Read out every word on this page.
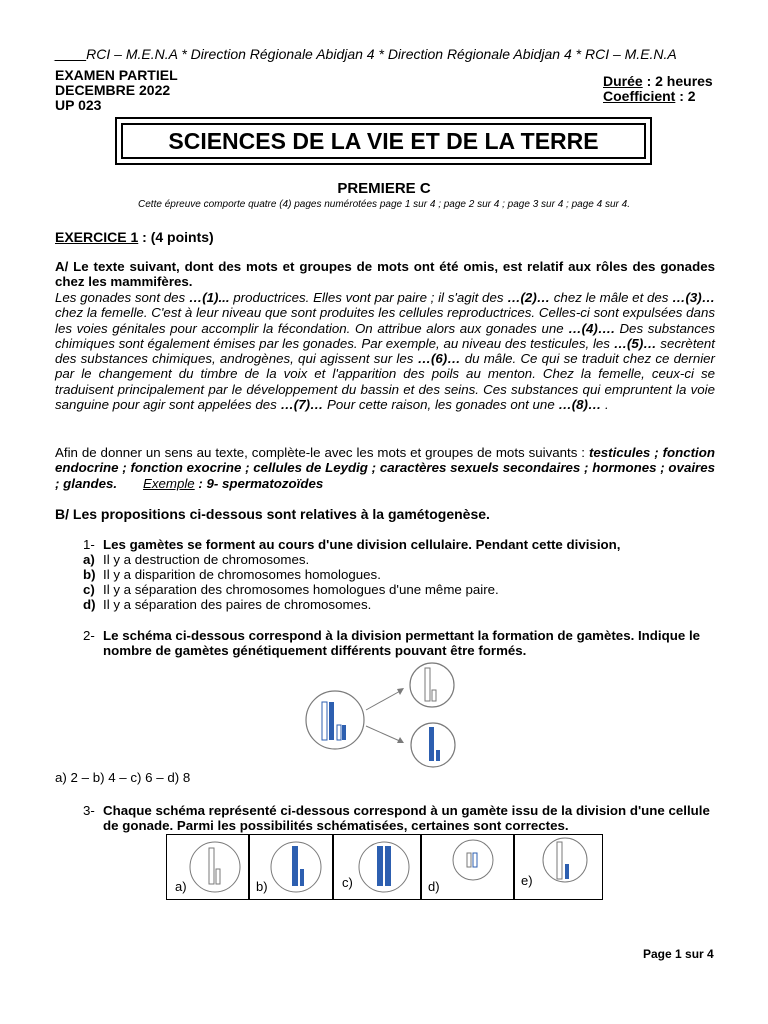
____RCI – M.E.N.A * Direction Régionale Abidjan 4 * Direction Régionale Abidjan 4 * RCI – M.E.N.A
EXAMEN PARTIEL
DECEMBRE 2022
UP 023
Durée : 2 heures
Coefficient : 2
SCIENCES DE LA VIE ET DE LA TERRE
PREMIERE C
Cette épreuve comporte quatre (4) pages numérotées page 1 sur 4 ; page 2 sur 4 ; page 3 sur 4 ; page 4 sur 4.
EXERCICE 1 : (4 points)
A/ Le texte suivant, dont des mots et groupes de mots ont été omis, est relatif aux rôles des gonades chez les mammifères.
Les gonades sont des …(1)... productrices. Elles vont par paire ; il s'agit des …(2)… chez le mâle et des …(3)… chez la femelle. C'est à leur niveau que sont produites les cellules reproductrices. Celles-ci sont expulsées dans les voies génitales pour accomplir la fécondation. On attribue alors aux gonades une …(4)…. Des substances chimiques sont également émises par les gonades. Par exemple, au niveau des testicules, les …(5)… secrètent des substances chimiques, androgènes, qui agissent sur les …(6)… du mâle. Ce qui se traduit chez ce dernier par le changement du timbre de la voix et l'apparition des poils au menton. Chez la femelle, ceux-ci se traduisent principalement par le développement du bassin et des seins. Ces substances qui empruntent la voie sanguine pour agir sont appelées des …(7)… Pour cette raison, les gonades ont une …(8)… .
Afin de donner un sens au texte, complète-le avec les mots et groupes de mots suivants : testicules ; fonction endocrine ; fonction exocrine ; cellules de Leydig ; caractères sexuels secondaires ; hormones ; ovaires ; glandes. Exemple : 9- spermatozoïdes
B/ Les propositions ci-dessous sont relatives à la gamétogenèse.
1- Les gamètes se forment au cours d'une division cellulaire. Pendant cette division,
a) Il y a destruction de chromosomes.
b) Il y a disparition de chromosomes homologues.
c) Il y a séparation des chromosomes homologues d'une même paire.
d) Il y a séparation des paires de chromosomes.
2- Le schéma ci-dessous correspond à la division permettant la formation de gamètes. Indique le nombre de gamètes génétiquement différents pouvant être formés.
a) 2 – b) 4 – c) 6 – d) 8
3- Chaque schéma représenté ci-dessous correspond à un gamète issu de la division d'une cellule de gonade. Parmi les possibilités schématisées, certaines sont correctes.
a)	b)	c)	d)	e)
Page 1 sur 4
